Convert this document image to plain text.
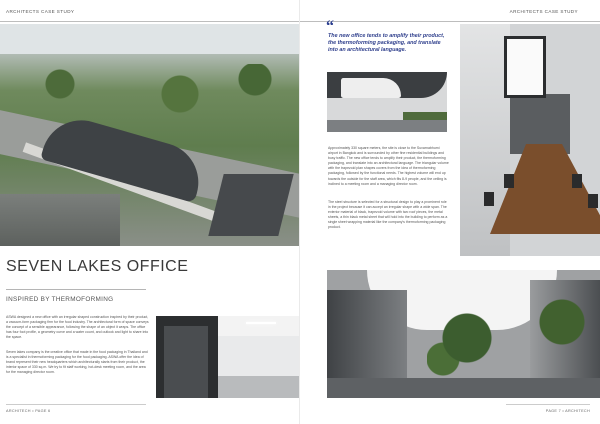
ARCHITECTS CASE STUDY
SEVEN LAKES OFFICE
INSPIRED BY THERMOFORMING
ASWA designed a new office with an irregular shaped construction inspired by their product, a vacuum-form packaging firm for the food industry. The architectural form of space conveys the concept of a sensible appearance, following the shape of an object it wraps. The office has four foot profile, a geometry curve and a water count, and outlook and light to share into the space.
Seven lakes company is the creative office that made in the food packaging in Thailand and is a specialist in thermoforming packaging for the food packaging. ASWA offer the idea of brand represent their new headquarters which architecturally starts from their product, the interior space of 330 sq.m. We try to fit staff working, hot-desk meeting room, and the area for the managing director room.
ARCHITECH • PAGE 6
ARCHITECTS CASE STUDY
“
The new office tends to amplify their product, the thermoforming packaging, and translate into an architectural language.
Approximately 330 square meters, the site is close to the Suvarnabhumi airport in Bangkok and is surrounded by other fine residential buildings and busy traffic. The new office tends to amplify their product, the thermoforming packaging, and translate into an architectural language. The triangular volume with the trapezoid plan shapes covers from the idea of thermoforming packaging, followed by the functional needs. The highest volume will end up towards the outside for the staff area, which fits 8-9 people, and the ceiling is inclined to a meeting room and a managing director room.
The steel structure is selected for a structural design to play a prominent role in the project because it can accept an irregular shape with a wide span. The exterior material of black, trapezoid volume with two roof pieces, the metal sheets, a thin black metal sheet that will hold into the building to perform as a single sheet wrapping material like the company's thermoforming packaging product.
PAGE 7 • ARCHITECH
